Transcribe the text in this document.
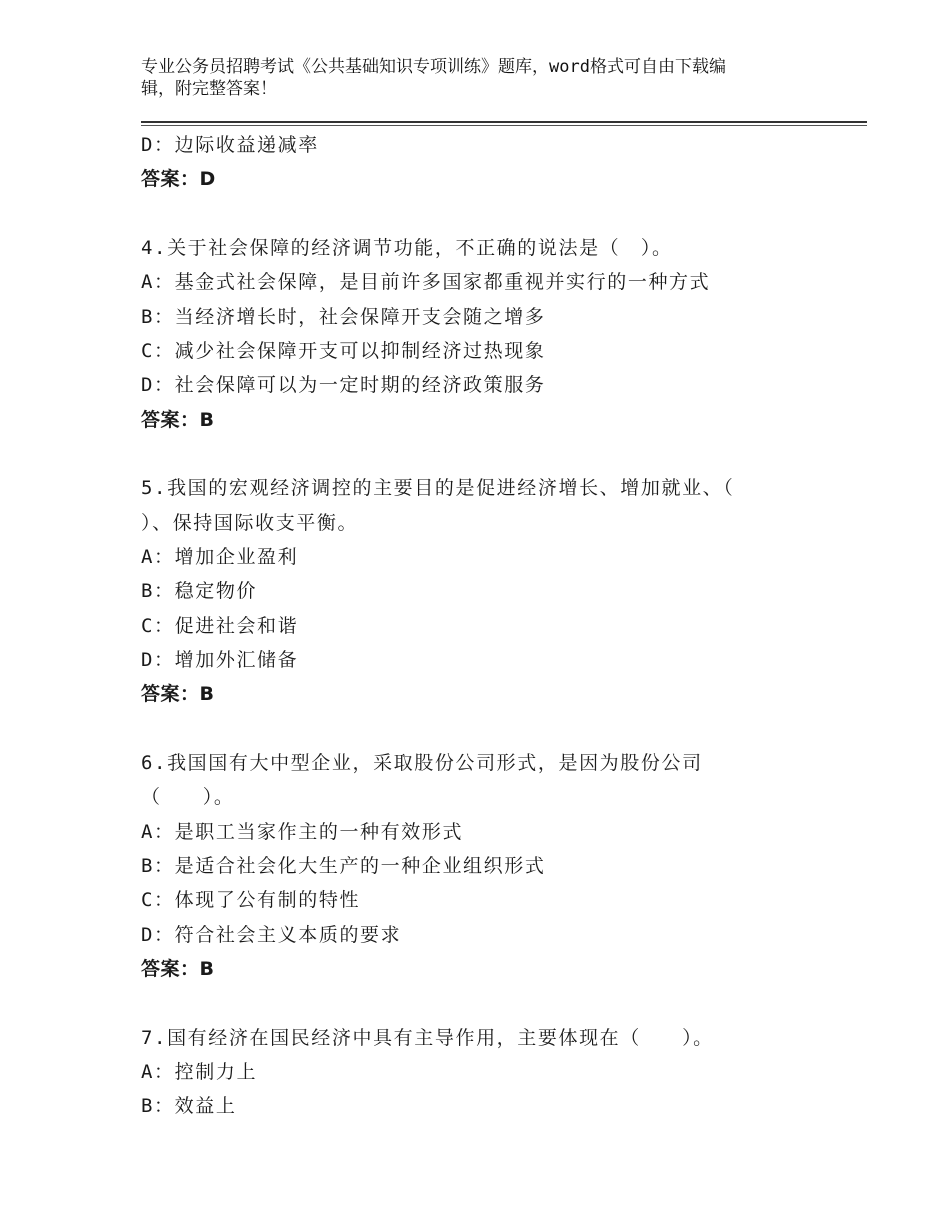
专业公务员招聘考试《公共基础知识专项训练》题库，word格式可自由下载编
辑，附完整答案！
D：边际收益递减率
答案：D
4.关于社会保障的经济调节功能，不正确的说法是（　）。
A：基金式社会保障，是目前许多国家都重视并实行的一种方式
B：当经济增长时，社会保障开支会随之增多
C：减少社会保障开支可以抑制经济过热现象
D：社会保障可以为一定时期的经济政策服务
答案：B
5.我国的宏观经济调控的主要目的是促进经济增长、增加就业、（
）、保持国际收支平衡。
A：增加企业盈利
B：稳定物价
C：促进社会和谐
D：增加外汇储备
答案：B
6.我国国有大中型企业，采取股份公司形式，是因为股份公司
（　　）。
A：是职工当家作主的一种有效形式
B：是适合社会化大生产的一种企业组织形式
C：体现了公有制的特性
D：符合社会主义本质的要求
答案：B
7.国有经济在国民经济中具有主导作用，主要体现在（　　）。
A：控制力上
B：效益上
